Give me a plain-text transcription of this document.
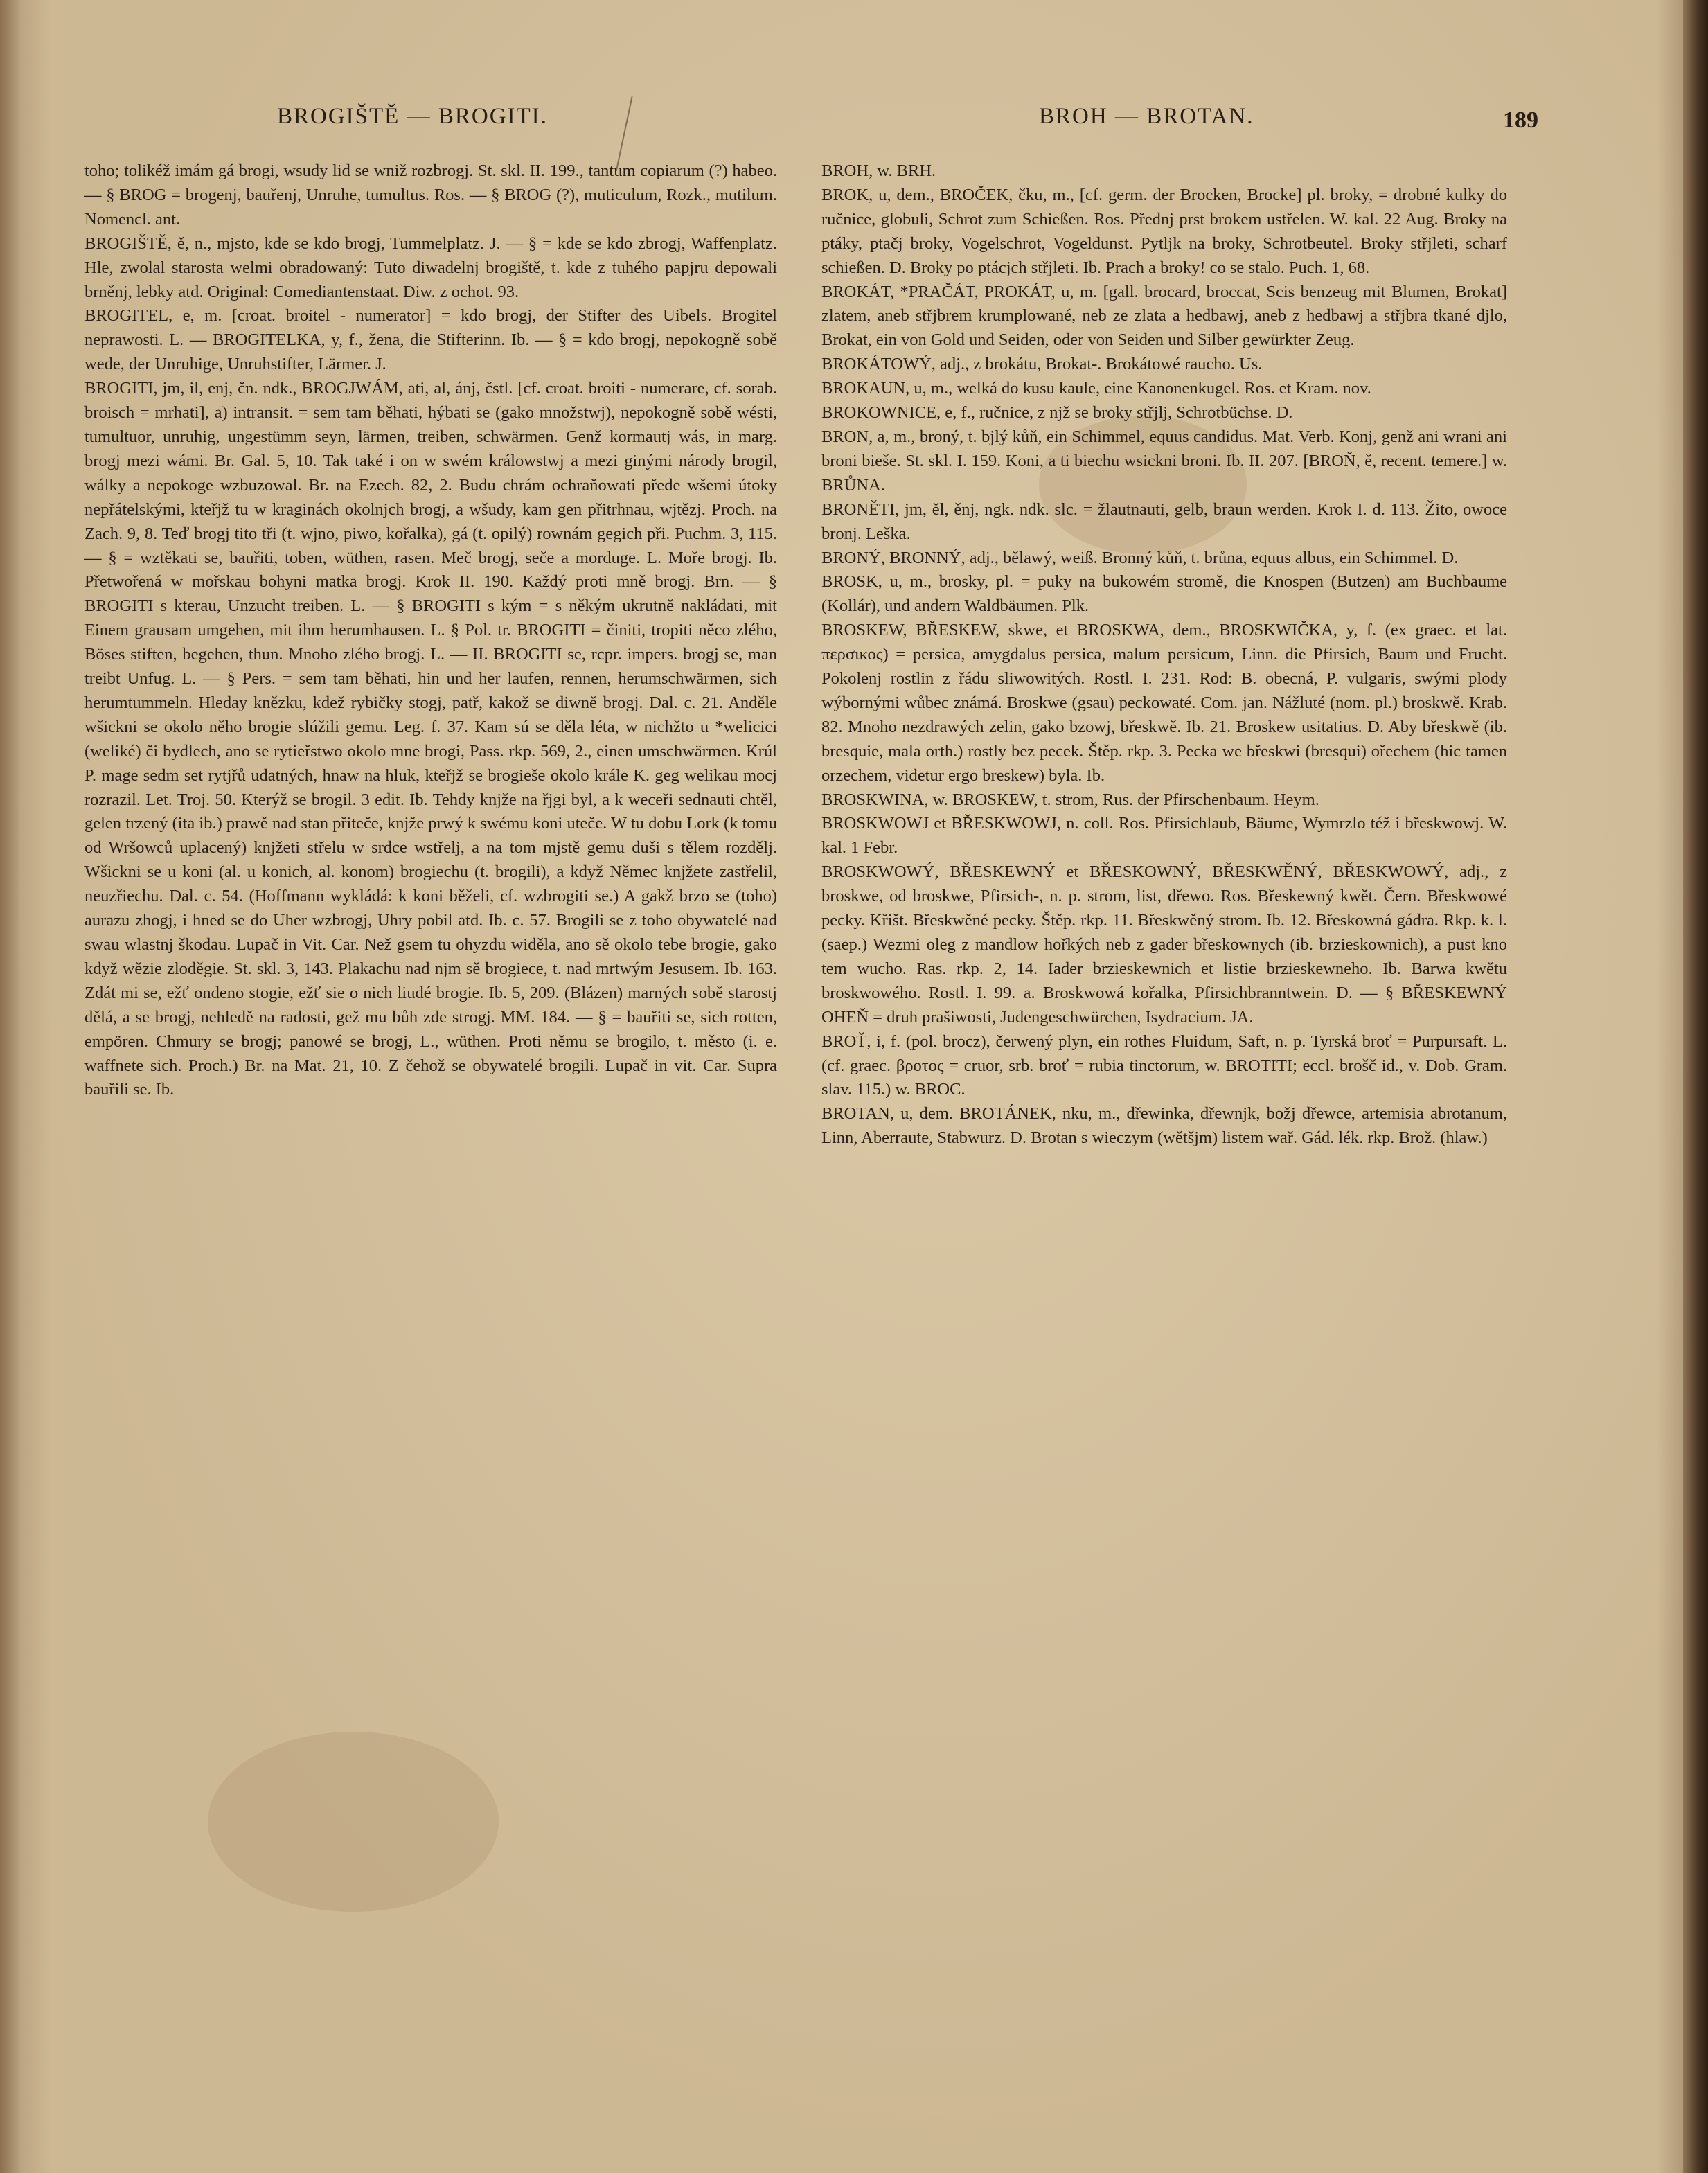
BROGIŠTĚ — BROGITI.	BROH — BROTAN.	189

toho; tolikéž imám gá brogi, wsudy lid se wniž rozbrogj. St. skl. II. 199., tantum copiarum (?) habeo. — § BROG = brogenj, bauřenj, Unruhe, tumultus. Ros. — § BROG (?), muticulum, Rozk., mutilum. Nomencl. ant.

BROGIŠTĚ, ě, n., mjsto, kde se kdo brogj, Tummelplatz. J. — § = kde se kdo zbrogj, Waffenplatz. Hle, zwolal starosta welmi obradowaný: Tuto diwadelnj brogiště, t. kde z tuhého papjru depowali brněnj, lebky atd. Original: Comediantenstaat. Diw. z ochot. 93.

BROGITEL, e, m. [croat. broitel - numerator] = kdo brogj, der Stifter des Uibels. Brogitel neprawosti. L. — BROGITELKA, y, f., žena, die Stifterinn. Ib. — § = kdo brogj, nepokogně sobě wede, der Unruhige, Unruhstifter, Lärmer. J.

BROGITI, jm, il, enj, čn. ndk., BROGJWÁM, ati, al, ánj, čstl. [cf. croat. broiti - numerare, cf. sorab. broisch = mrhati], a) intransit. = sem tam běhati, hýbati se (gako množstwj), nepokogně sobě wésti, tumultuor, unruhig, ungestümm seyn, lärmen, treiben, schwärmen. Genž kormautj wás, in marg. brogj mezi wámi. Br. Gal. 5, 10. Tak také i on w swém králowstwj a mezi ginými národy brogil, wálky a nepokoge wzbuzowal. Br. na Ezech. 82, 2. Budu chrám ochraňowati přede wšemi útoky nepřátelskými, kteřjž tu w kraginách okolnjch brogj, a wšudy, kam gen přitrhnau, wjtězj. Proch. na Zach. 9, 8. Teď brogj tito tři (t. wjno, piwo, kořalka), gá (t. opilý) rownám gegich při. Puchm. 3, 115. — § = wztěkati se, bauřiti, toben, wüthen, rasen. Meč brogj, seče a morduge. L. Moře brogj. Ib. Přetwořená w mořskau bohyni matka brogj. Krok II. 190. Každý proti mně brogj. Brn. — § BROGITI s kterau, Unzucht treiben. L. — § BROGITI s kým = s někým ukrutně nakládati, mit Einem grausam umgehen, mit ihm herumhausen. L. § Pol. tr. BROGITI = činiti, tropiti něco zlého, Böses stiften, begehen, thun. Mnoho zlého brogj. L. — II. BROGITI se, rcpr. impers. brogj se, man treibt Unfug. L. — § Pers. = sem tam běhati, hin und her laufen, rennen, herumschwärmen, sich herumtummeln. Hleday knězku, kdež rybičky stogj, patř, kakož se diwně brogj. Dal. c. 21. Anděle wšickni se okolo něho brogie slúžili gemu. Leg. f. 37. Kam sú se děla léta, w nichžto u *welicici (weliké) či bydlech, ano se rytieřstwo okolo mne brogi, Pass. rkp. 569, 2., einen umschwärmen. Krúl P. mage sedm set rytjřů udatných, hnaw na hluk, kteřjž se brogieše okolo krále K. geg welikau mocj rozrazil. Let. Troj. 50. Kterýž se brogil. 3 edit. Ib. Tehdy knjže na řjgi byl, a k weceři sednauti chtěl, gelen trzený (ita ib.) prawě nad stan přiteče, knjže prwý k swému koni uteče. W tu dobu Lork (k tomu od Wršowců uplacený) knjžeti střelu w srdce wstřelj, a na tom mjstě gemu duši s tělem rozdělj. Wšickni se u koni (al. u konich, al. konom) brogiechu (t. brogili), a když Němec knjžete zastřelil, neuzřiechu. Dal. c. 54. (Hoffmann wykládá: k koni běželi, cf. wzbrogiti se.) A gakž brzo se (toho) aurazu zhogj, i hned se do Uher wzbrogj, Uhry pobil atd. Ib. c. 57. Brogili se z toho obywatelé nad swau wlastnj škodau. Lupač in Vit. Car. Než gsem tu ohyzdu widěla, ano sě okolo tebe brogie, gako když wězie zloděgie. St. skl. 3, 143. Plakachu nad njm sě brogiece, t. nad mrtwým Jesusem. Ib. 163. Zdát mi se, ežť ondeno stogie, ežť sie o nich liudé brogie. Ib. 5, 209. (Blázen) marných sobě starostj dělá, a se brogj, nehledě na radosti, gež mu bůh zde strogj. MM. 184. — § = bauřiti se, sich rotten, empören. Chmury se brogj; panowé se brogj, L., wüthen. Proti němu se brogilo, t. město (i. e. waffnete sich. Proch.) Br. na Mat. 21, 10. Z čehož se obywatelé brogili. Lupač in vit. Car. Supra bauřili se. Ib.

BROH, w. BRH.

BROK, u, dem., BROČEK, čku, m., [cf. germ. der Brocken, Brocke] pl. broky, = drobné kulky do ručnice, globuli, Schrot zum Schießen. Ros. Přednj prst brokem ustřelen. W. kal. 22 Aug. Broky na ptáky, ptačj broky, Vogelschrot, Vogeldunst. Pytljk na broky, Schrotbeutel. Broky střjleti, scharf schießen. D. Broky po ptácjch střjleti. Ib. Prach a broky! co se stalo. Puch. 1, 68.

BROKÁT, *PRAČÁT, PROKÁT, u, m. [gall. brocard, broccat, Scis benzeug mit Blumen, Brokat] zlatem, aneb střjbrem krumplowané, neb ze zlata a hedbawj, aneb z hedbawj a střjbra tkané djlo, Brokat, ein von Gold und Seiden, oder von Seiden und Silber gewürkter Zeug.

BROKÁTOWÝ, adj., z brokátu, Brokat-. Brokátowé raucho. Us.

BROKAUN, u, m., welká do kusu kaule, eine Kanonenkugel. Ros. et Kram. nov.

BROKOWNICE, e, f., ručnice, z njž se broky střjlj, Schrotbüchse. D.

BRON, a, m., broný, t. bjlý kůň, ein Schimmel, equus candidus. Mat. Verb. Konj, genž ani wrani ani broni bieše. St. skl. I. 159. Koni, a ti biechu wsickni broni. Ib. II. 207. [BROŇ, ě, recent. temere.] w. BRŮNA.

BRONĚTI, jm, ěl, ěnj, ngk. ndk. slc. = žlautnauti, gelb, braun werden. Krok I. d. 113. Žito, owoce bronj. Leška.

BRONÝ, BRONNÝ, adj., bělawý, weiß. Bronný kůň, t. brůna, equus albus, ein Schimmel. D.

BROSK, u, m., brosky, pl. = puky na bukowém stromě, die Knospen (Butzen) am Buchbaume (Kollár), und andern Waldbäumen. Plk.

BROSKEW, BŘESKEW, skwe, et BROSKWA, dem., BROSKWIČKA, y, f. (ex graec. et lat. περσικος) = persica, amygdalus persica, malum persicum, Linn. die Pfirsich, Baum und Frucht. Pokolenj rostlin z řádu sliwowitých. Rostl. I. 231. Rod: B. obecná, P. vulgaris, swými plody wýbornými wůbec známá. Broskwe (gsau) peckowaté. Com. jan. Nážluté (nom. pl.) broskwě. Krab. 82. Mnoho nezdrawých zelin, gako bzowj, břeskwě. Ib. 21. Broskew usitatius. D. Aby břeskwě (ib. bresquie, mala orth.) rostly bez pecek. Štěp. rkp. 3. Pecka we břeskwi (bresqui) ořechem (hic tamen orzechem, videtur ergo breskew) byla. Ib.

BROSKWINA, w. BROSKEW, t. strom, Rus. der Pfirschenbaum. Heym.

BROSKWOWJ et BŘESKWOWJ, n. coll. Ros. Pfirsichlaub, Bäume, Wymrzlo též i břeskwowj. W. kal. 1 Febr.

BROSKWOWÝ, BŘESKEWNÝ et BŘESKOWNÝ, BŘESKWĚNÝ, BŘESKWOWÝ, adj., z broskwe, od broskwe, Pfirsich-, n. p. strom, list, dřewo. Ros. Břeskewný kwět. Čern. Břeskwowé pecky. Křišt. Břeskwěné pecky. Štěp. rkp. 11. Břeskwěný strom. Ib. 12. Břeskowná gádra. Rkp. k. l. (saep.) Wezmi oleg z mandlow hořkých neb z gader břeskownych (ib. brzieskownich), a pust kno tem wucho. Ras. rkp. 2, 14. Iader brzieskewnich et listie brzieskewneho. Ib. Barwa kwětu broskwowého. Rostl. I. 99. a. Broskwowá kořalka, Pfirsichbranntwein. D. — § BŘESKEWNÝ OHEŇ = druh prašiwosti, Judengeschwürchen, Isydracium. JA.

BROŤ, i, f. (pol. brocz), čerwený plyn, ein rothes Fluidum, Saft, n. p. Tyrská broť = Purpursaft. L. (cf. graec. βροτος = cruor, srb. broť = rubia tinctorum, w. BROTITI; eccl. brošč id., v. Dob. Gram. slav. 115.) w. BROC.

BROTAN, u, dem. BROTÁNEK, nku, m., dřewinka, dřewnjk, božj dřewce, artemisia abrotanum, Linn, Aberraute, Stabwurz. D. Brotan s wieczym (wětšjm) listem wař. Gád. lék. rkp. Brož. (hlaw.)
